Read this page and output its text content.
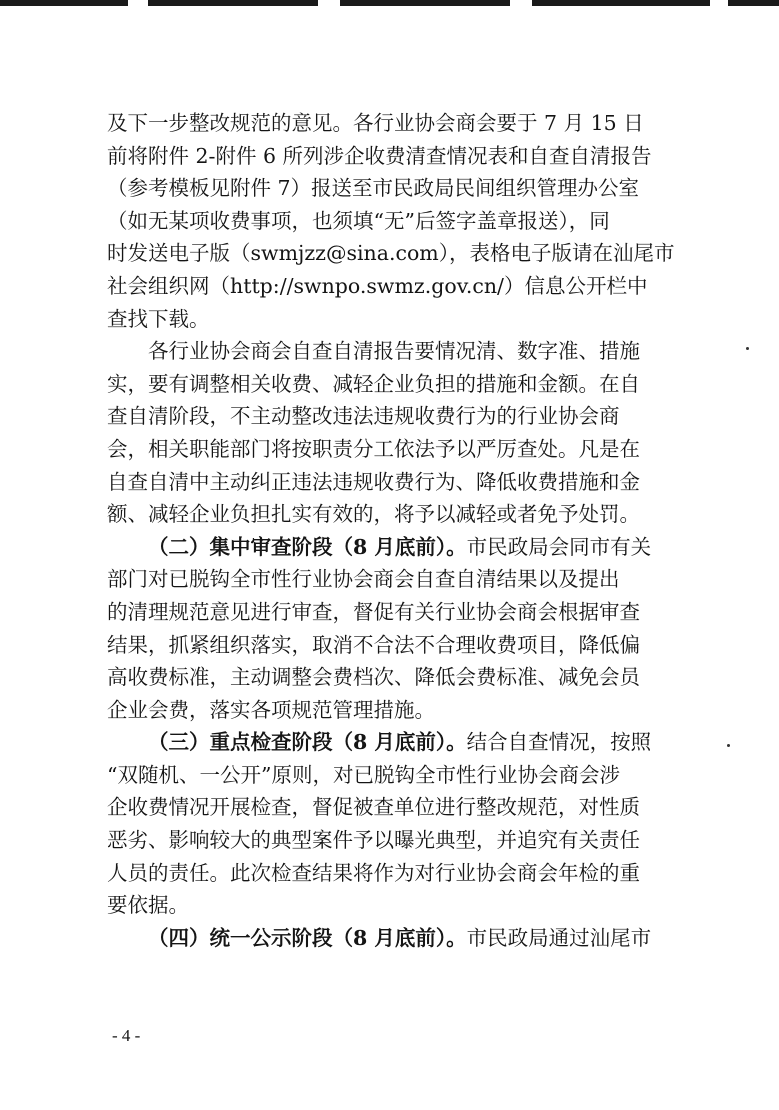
及下一步整改规范的意见。各行业协会商会要于 7 月 15 日
前将附件 2-附件 6 所列涉企收费清查情况表和自查自清报告
（参考模板见附件 7）报送至市民政局民间组织管理办公室
（如无某项收费事项，也须填“无”后签字盖章报送），同
时发送电子版（swmjzz@sina.com），表格电子版请在汕尾市
社会组织网（http://swnpo.swmz.gov.cn/）信息公开栏中
查找下载。

各行业协会商会自查自清报告要情况清、数字准、措施
实，要有调整相关收费、减轻企业负担的措施和金额。在自
查自清阶段，不主动整改违法违规收费行为的行业协会商
会，相关职能部门将按职责分工依法予以严厉查处。凡是在
自查自清中主动纠正违法违规收费行为、降低收费措施和金
额、减轻企业负担扎实有效的，将予以减轻或者免予处罚。

（二）集中审查阶段（8 月底前）。市民政局会同市有关
部门对已脱钩全市性行业协会商会自查自清结果以及提出
的清理规范意见进行审查，督促有关行业协会商会根据审查
结果，抓紧组织落实，取消不合法不合理收费项目，降低偏
高收费标准，主动调整会费档次、降低会费标准、减免会员
企业会费，落实各项规范管理措施。

（三）重点检查阶段（8 月底前）。结合自查情况，按照
“双随机、一公开”原则，对已脱钩全市性行业协会商会涉
企收费情况开展检查，督促被查单位进行整改规范，对性质
恶劣、影响较大的典型案件予以曝光典型，并追究有关责任
人员的责任。此次检查结果将作为对行业协会商会年检的重
要依据。

（四）统一公示阶段（8 月底前）。市民政局通过汕尾市

- 4 -
